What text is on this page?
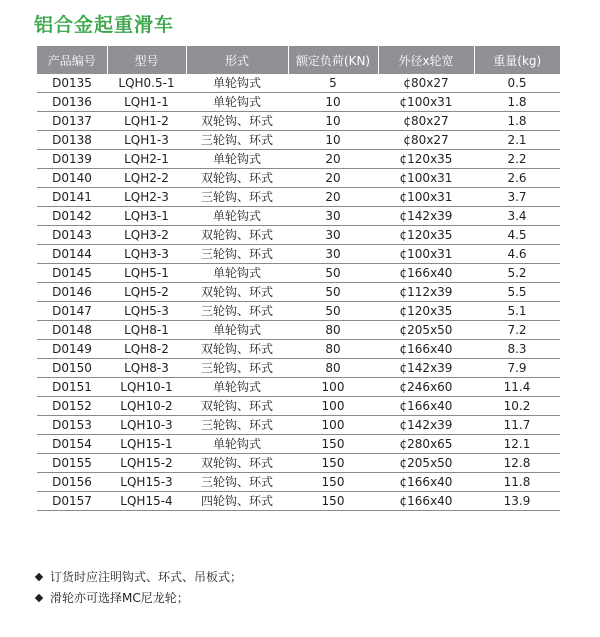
铝合金起重滑车
产品编号	型号	形式	额定负荷(KN)	外径x轮宽	重量(kg)
D0135	LQH0.5-1	单轮钩式	5	¢80x27	0.5
D0136	LQH1-1	单轮钩式	10	¢100x31	1.8
D0137	LQH1-2	双轮钩、环式	10	¢80x27	1.8
D0138	LQH1-3	三轮钩、环式	10	¢80x27	2.1
D0139	LQH2-1	单轮钩式	20	¢120x35	2.2
D0140	LQH2-2	双轮钩、环式	20	¢100x31	2.6
D0141	LQH2-3	三轮钩、环式	20	¢100x31	3.7
D0142	LQH3-1	单轮钩式	30	¢142x39	3.4
D0143	LQH3-2	双轮钩、环式	30	¢120x35	4.5
D0144	LQH3-3	三轮钩、环式	30	¢100x31	4.6
D0145	LQH5-1	单轮钩式	50	¢166x40	5.2
D0146	LQH5-2	双轮钩、环式	50	¢112x39	5.5
D0147	LQH5-3	三轮钩、环式	50	¢120x35	5.1
D0148	LQH8-1	单轮钩式	80	¢205x50	7.2
D0149	LQH8-2	双轮钩、环式	80	¢166x40	8.3
D0150	LQH8-3	三轮钩、环式	80	¢142x39	7.9
D0151	LQH10-1	单轮钩式	100	¢246x60	11.4
D0152	LQH10-2	双轮钩、环式	100	¢166x40	10.2
D0153	LQH10-3	三轮钩、环式	100	¢142x39	11.7
D0154	LQH15-1	单轮钩式	150	¢280x65	12.1
D0155	LQH15-2	双轮钩、环式	150	¢205x50	12.8
D0156	LQH15-3	三轮钩、环式	150	¢166x40	11.8
D0157	LQH15-4	四轮钩、环式	150	¢166x40	13.9
订货时应注明钩式、环式、吊板式；
滑轮亦可选择MC尼龙轮；
